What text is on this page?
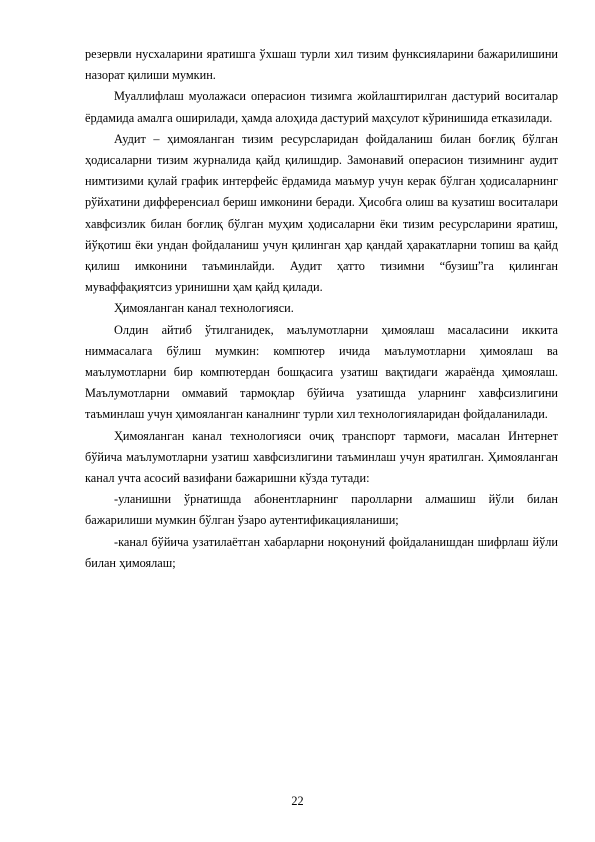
резервли нусхаларини яратишга ўхшаш турли хил тизим функсияларини бажарилишини назорат қилиши мумкин.

Муаллифлаш муолажаси операсион тизимга жойлаштирилган дастурий воситалар ёрдамида амалга оширилади, ҳамда алоҳида дастурий маҳсулот кўринишида етказилади.

Аудит – ҳимояланган тизим ресурсларидан фойдаланиш билан боғлиқ бўлган ҳодисаларни тизим журналида қайд қилишдир. Замонавий операсион тизимнинг аудит нимтизими қулай график интерфейс ёрдамида маъмур учун керак бўлган ҳодисаларнинг рўйхатини дифференсиал бериш имконини беради. Ҳисобга олиш ва кузатиш воситалари хавфсизлик билан боғлиқ бўлган муҳим ҳодисаларни ёки тизим ресурсларини яратиш, йўқотиш ёки ундан фойдаланиш учун қилинган ҳар қандай ҳаракатларни топиш ва қайд қилиш имконини таъминлайди. Аудит ҳатто тизимни “бузиш”га қилинган муваффақиятсиз уринишни ҳам қайд қилади.

Ҳимояланган канал технологияси.

Олдин айтиб ўтилганидек, маълумотларни ҳимоялаш масаласини иккита ниммасалага бўлиш мумкин: компютер ичида маълумотларни ҳимоялаш ва маълумотларни бир компютердан бошқасига узатиш вақтидаги жараёнда ҳимоялаш. Маълумотларни оммавий тармоқлар бўйича узатишда уларнинг хавфсизлигини таъминлаш учун ҳимояланган каналнинг турли хил технологияларидан фойдаланилади.

Ҳимояланган канал технологияси очиқ транспорт тармоғи, масалан Интернет бўйича маълумотларни узатиш хавфсизлигини таъминлаш учун яратилган. Ҳимояланган канал учта асосий вазифани бажаришни кўзда тутади:

-уланишни ўрнатишда абонентларнинг паролларни алмашиш йўли билан бажарилиши мумкин бўлган ўзаро аутентификацияланиши;

-канал бўйича узатилаётган хабарларни ноқонуний фойдаланишдан шифрлаш йўли билан ҳимоялаш;

22
